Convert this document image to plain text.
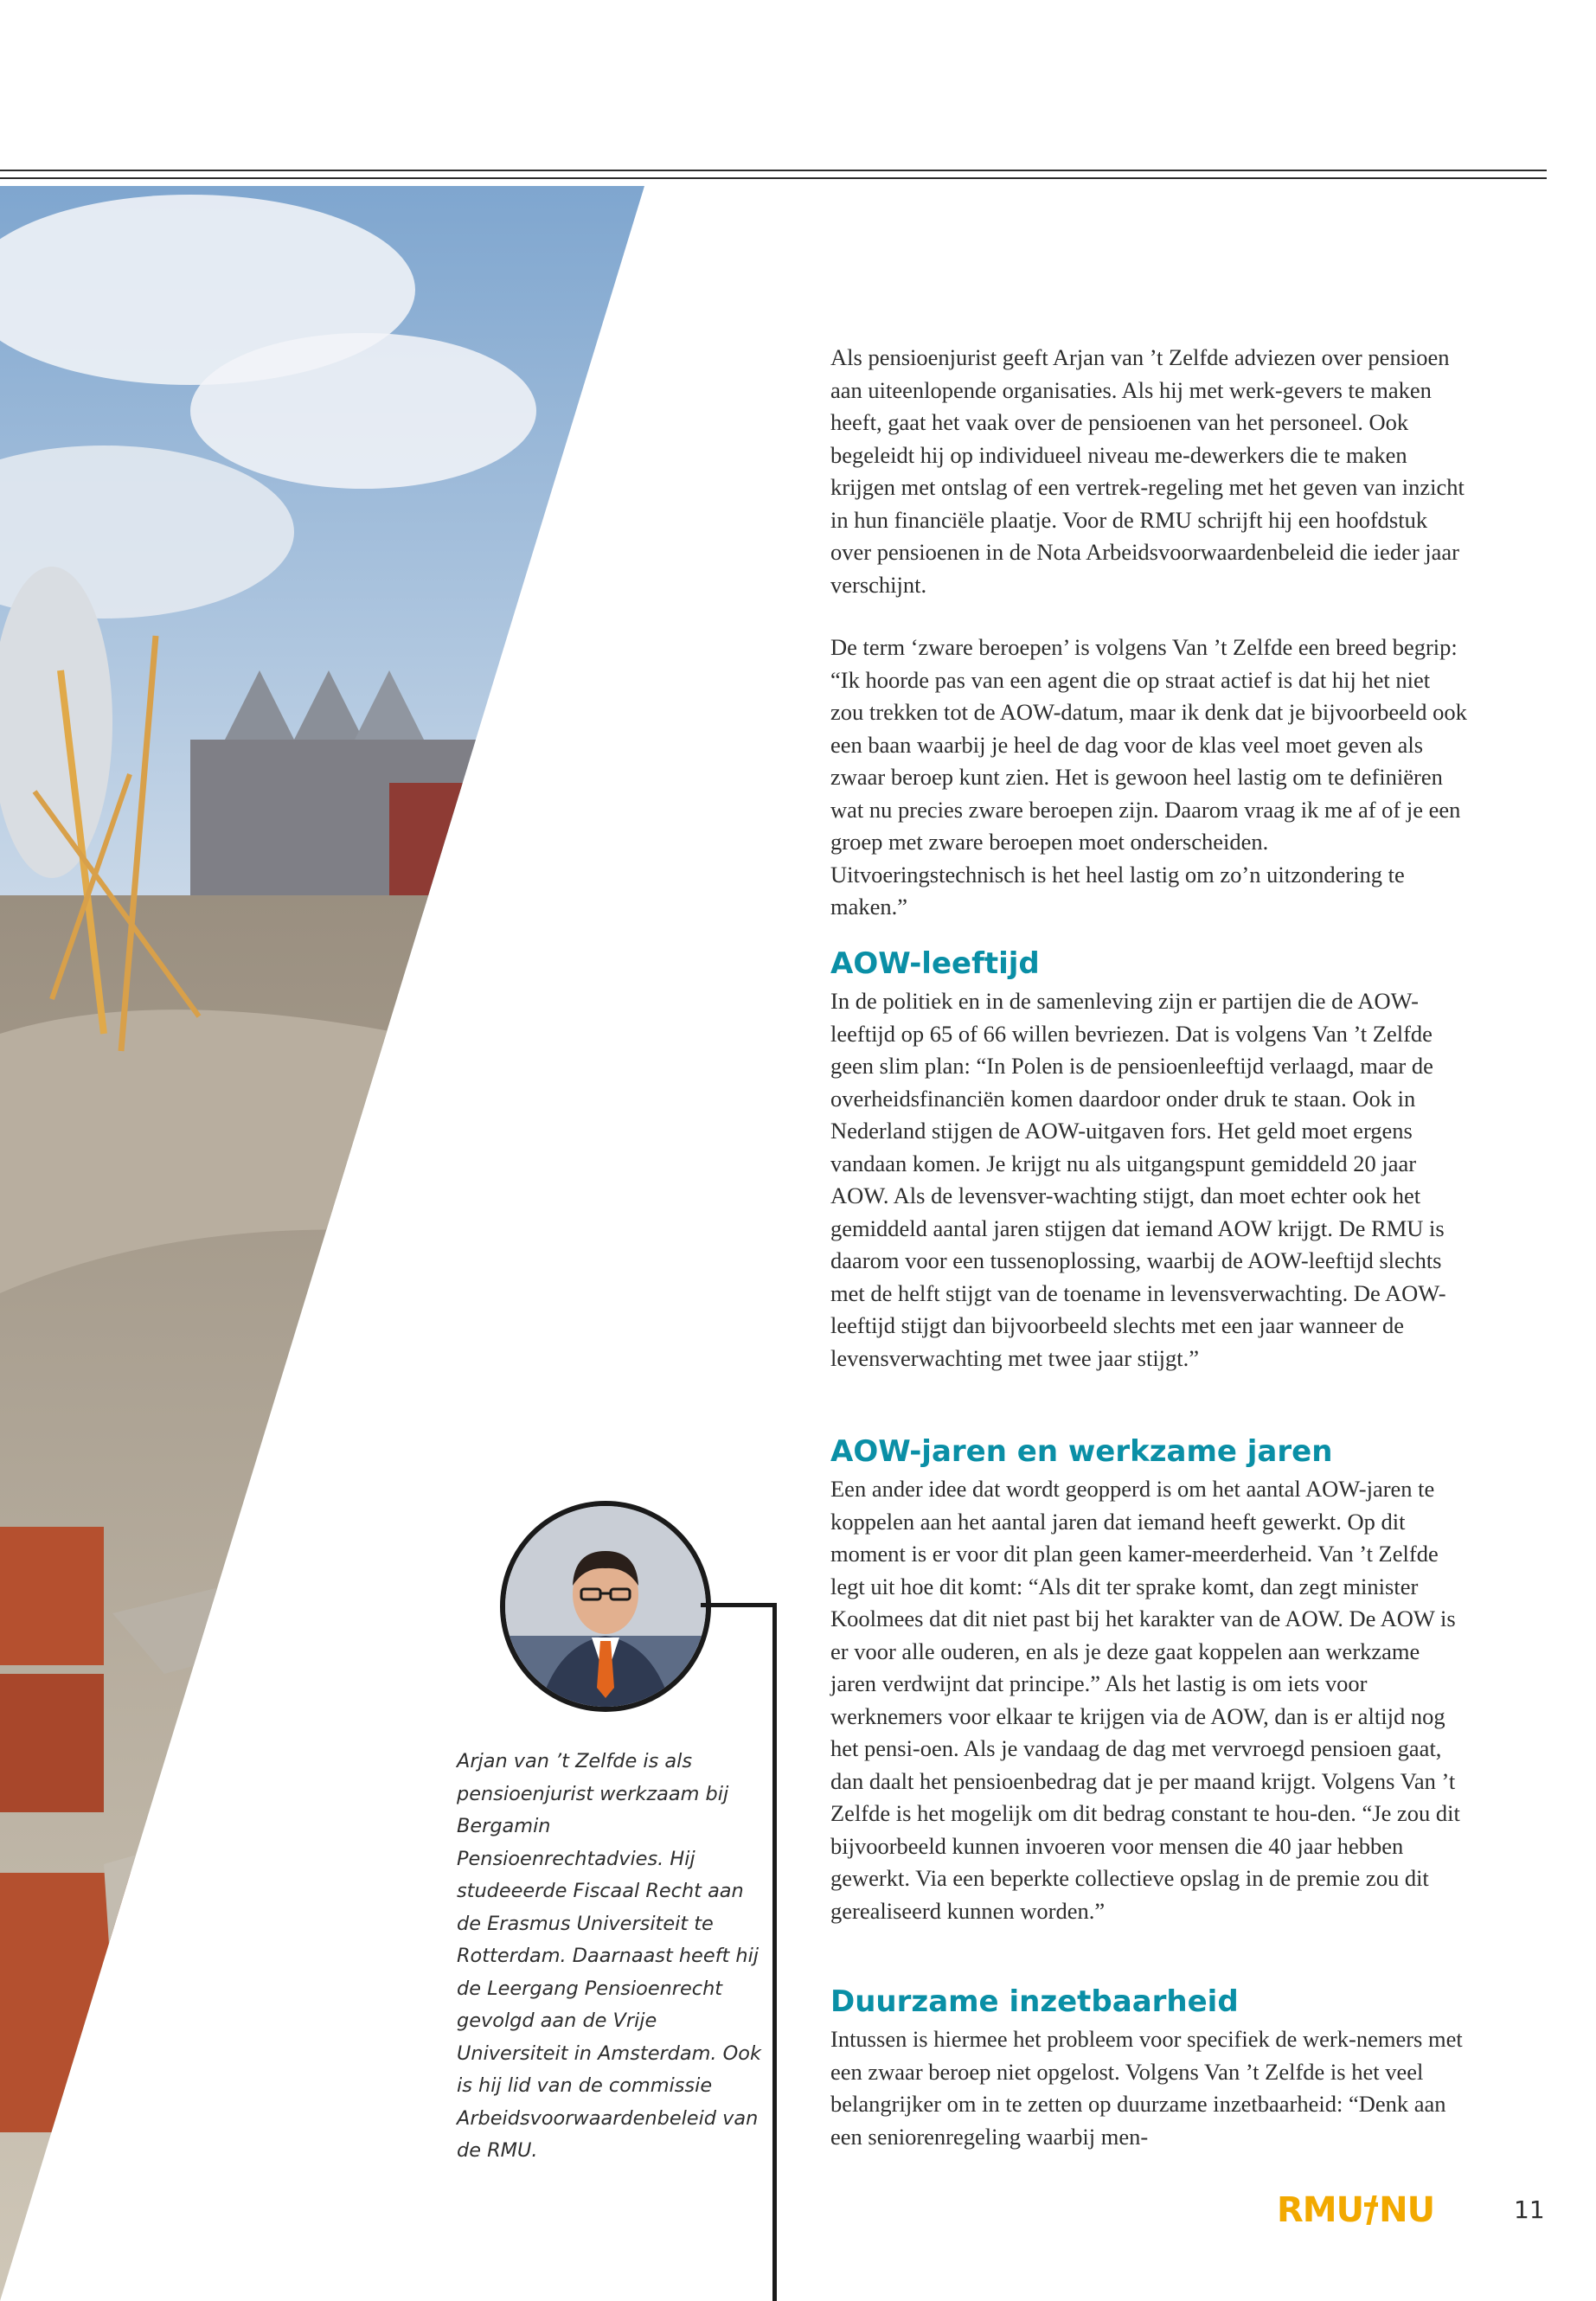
Als pensioenjurist geeft Arjan van ’t Zelfde adviezen over pensioen aan uiteenlopende organisaties. Als hij met werk-gevers te maken heeft, gaat het vaak over de pensioenen van het personeel. Ook begeleidt hij op individueel niveau me-dewerkers die te maken krijgen met ontslag of een vertrek-regeling met het geven van inzicht in hun financiële plaatje. Voor de RMU schrijft hij een hoofdstuk over pensioenen in de Nota Arbeidsvoorwaardenbeleid die ieder jaar verschijnt.

De term ‘zware beroepen’ is volgens Van ’t Zelfde een breed begrip: “Ik hoorde pas van een agent die op straat actief is dat hij het niet zou trekken tot de AOW-datum, maar ik denk dat je bijvoorbeeld ook een baan waarbij je heel de dag voor de klas veel moet geven als zwaar beroep kunt zien. Het is gewoon heel lastig om te definiëren wat nu precies zware beroepen zijn. Daarom vraag ik me af of je een groep met zware beroepen moet onderscheiden. Uitvoeringstechnisch is het heel lastig om zo’n uitzondering te maken.”

AOW-leeftijd

In de politiek en in de samenleving zijn er partijen die de AOW-leeftijd op 65 of 66 willen bevriezen. Dat is volgens Van ’t Zelfde geen slim plan: “In Polen is de pensioenleeftijd verlaagd, maar de overheidsfinanciën komen daardoor onder druk te staan. Ook in Nederland stijgen de AOW-uitgaven fors. Het geld moet ergens vandaan komen. Je krijgt nu als uitgangspunt gemiddeld 20 jaar AOW. Als de levensver-wachting stijgt, dan moet echter ook het gemiddeld aantal jaren stijgen dat iemand AOW krijgt. De RMU is daarom voor een tussenoplossing, waarbij de AOW-leeftijd slechts met de helft stijgt van de toename in levensverwachting. De AOW-leeftijd stijgt dan bijvoorbeeld slechts met een jaar wanneer de levensverwachting met twee jaar stijgt.”

AOW-jaren en werkzame jaren

Een ander idee dat wordt geopperd is om het aantal AOW-jaren te koppelen aan het aantal jaren dat iemand heeft gewerkt. Op dit moment is er voor dit plan geen kamer-meerderheid. Van ’t Zelfde legt uit hoe dit komt: “Als dit ter sprake komt, dan zegt minister Koolmees dat dit niet past bij het karakter van de AOW. De AOW is er voor alle ouderen, en als je deze gaat koppelen aan werkzame jaren verdwijnt dat principe.” Als het lastig is om iets voor werknemers voor elkaar te krijgen via de AOW, dan is er altijd nog het pensi-oen. Als je vandaag de dag met vervroegd pensioen gaat, dan daalt het pensioenbedrag dat je per maand krijgt. Volgens Van ’t Zelfde is het mogelijk om dit bedrag constant te hou-den. “Je zou dit bijvoorbeeld kunnen invoeren voor mensen die 40 jaar hebben gewerkt. Via een beperkte collectieve opslag in de premie zou dit gerealiseerd kunnen worden.”

Duurzame inzetbaarheid

Intussen is hiermee het probleem voor specifiek de werk-nemers met een zwaar beroep niet opgelost. Volgens Van ’t Zelfde is het veel belangrijker om in te zetten op duurzame inzetbaarheid: “Denk aan een seniorenregeling waarbij men-

Arjan van ’t Zelfde is als pensioenjurist werkzaam bij Bergamin Pensioenrechtadvies. Hij studeeerde Fiscaal Recht aan de Erasmus Universiteit te Rotterdam. Daarnaast heeft hij de Leergang Pensioenrecht gevolgd aan de Vrije Universiteit in Amsterdam. Ook is hij lid van de commissie Arbeidsvoorwaardenbeleid van de RMU.

RMU NU	11
